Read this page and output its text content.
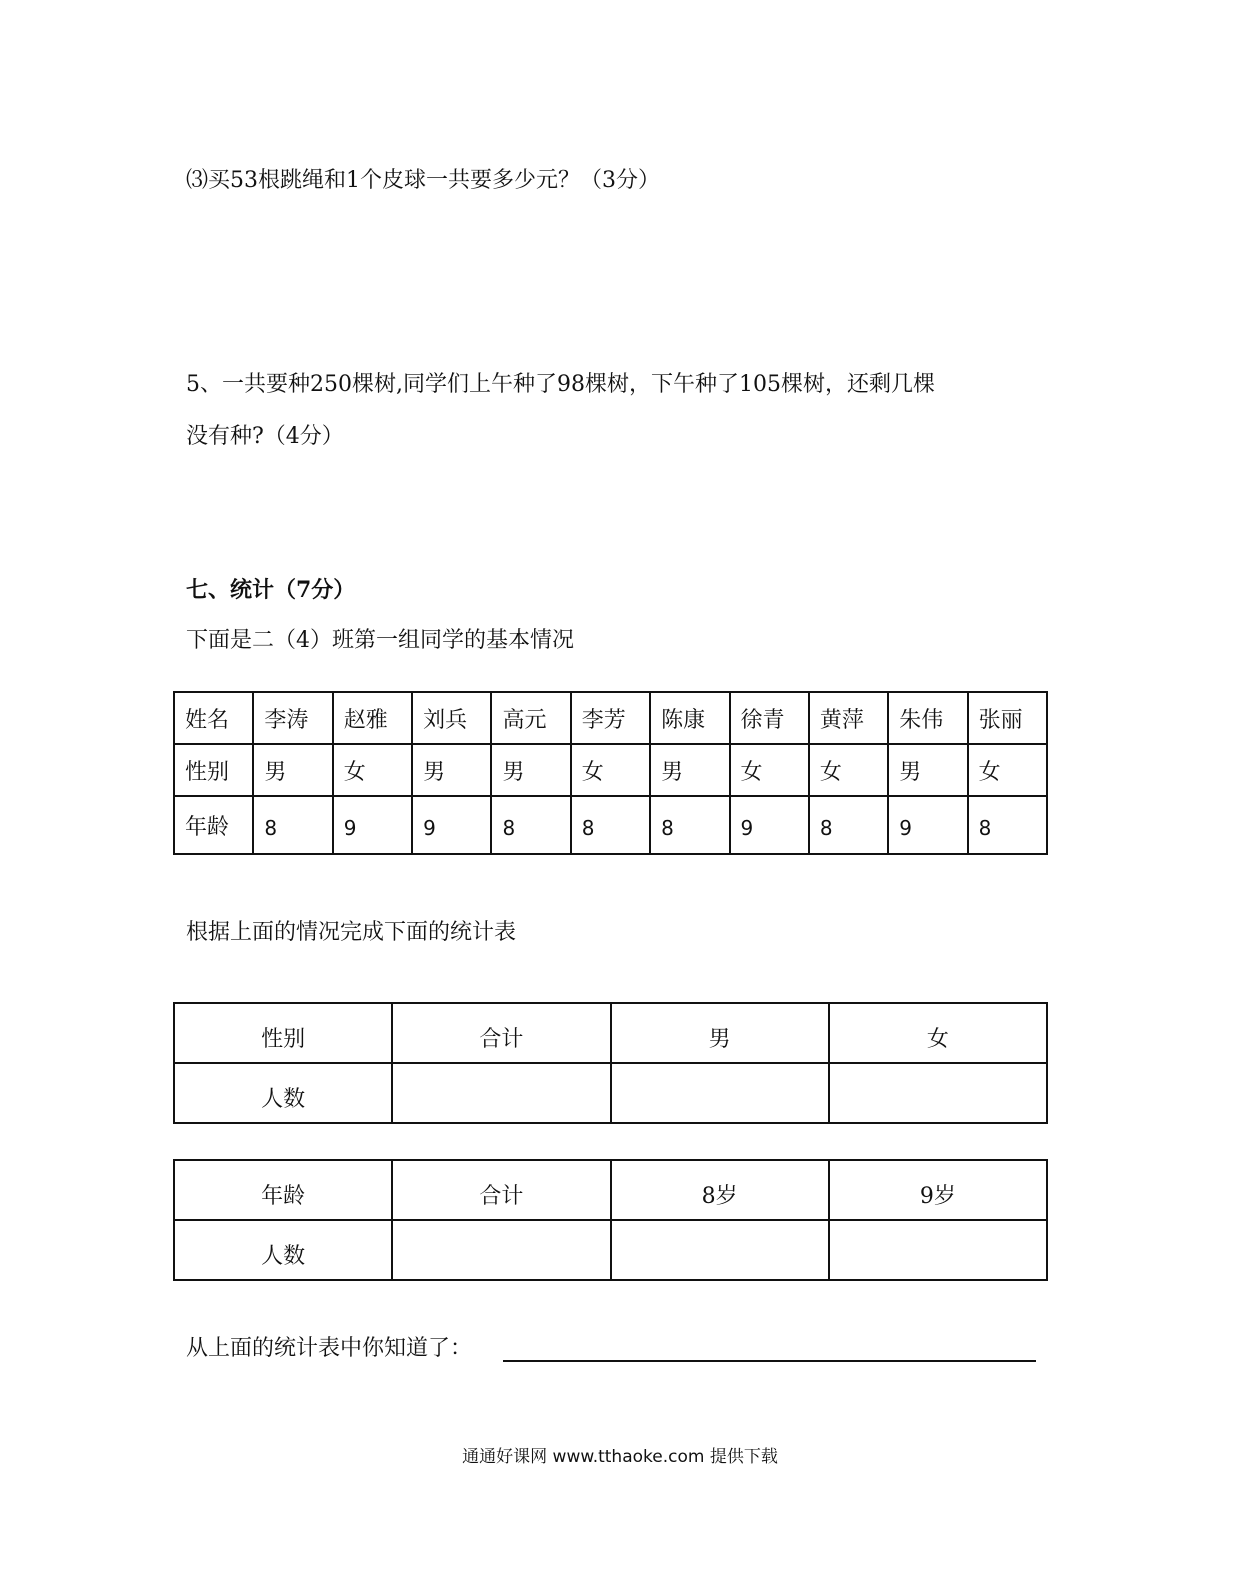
⑶买53根跳绳和1个皮球一共要多少元？（3分）
5、一共要种250棵树,同学们上午种了98棵树，下午种了105棵树，还剩几棵
没有种?（4分）
七、统计（7分）
下面是二（4）班第一组同学的基本情况
姓名	李涛	赵雅	刘兵	高元	李芳	陈康	徐青	黄萍	朱伟	张丽
性别	男	女	男	男	女	男	女	女	男	女
年龄	8	9	9	8	8	8	9	8	9	8
根据上面的情况完成下面的统计表
性别	合计	男	女
人数			
年龄	合计	8岁	9岁
人数			
从上面的统计表中你知道了：
通通好课网 www.tthaoke.com 提供下载
